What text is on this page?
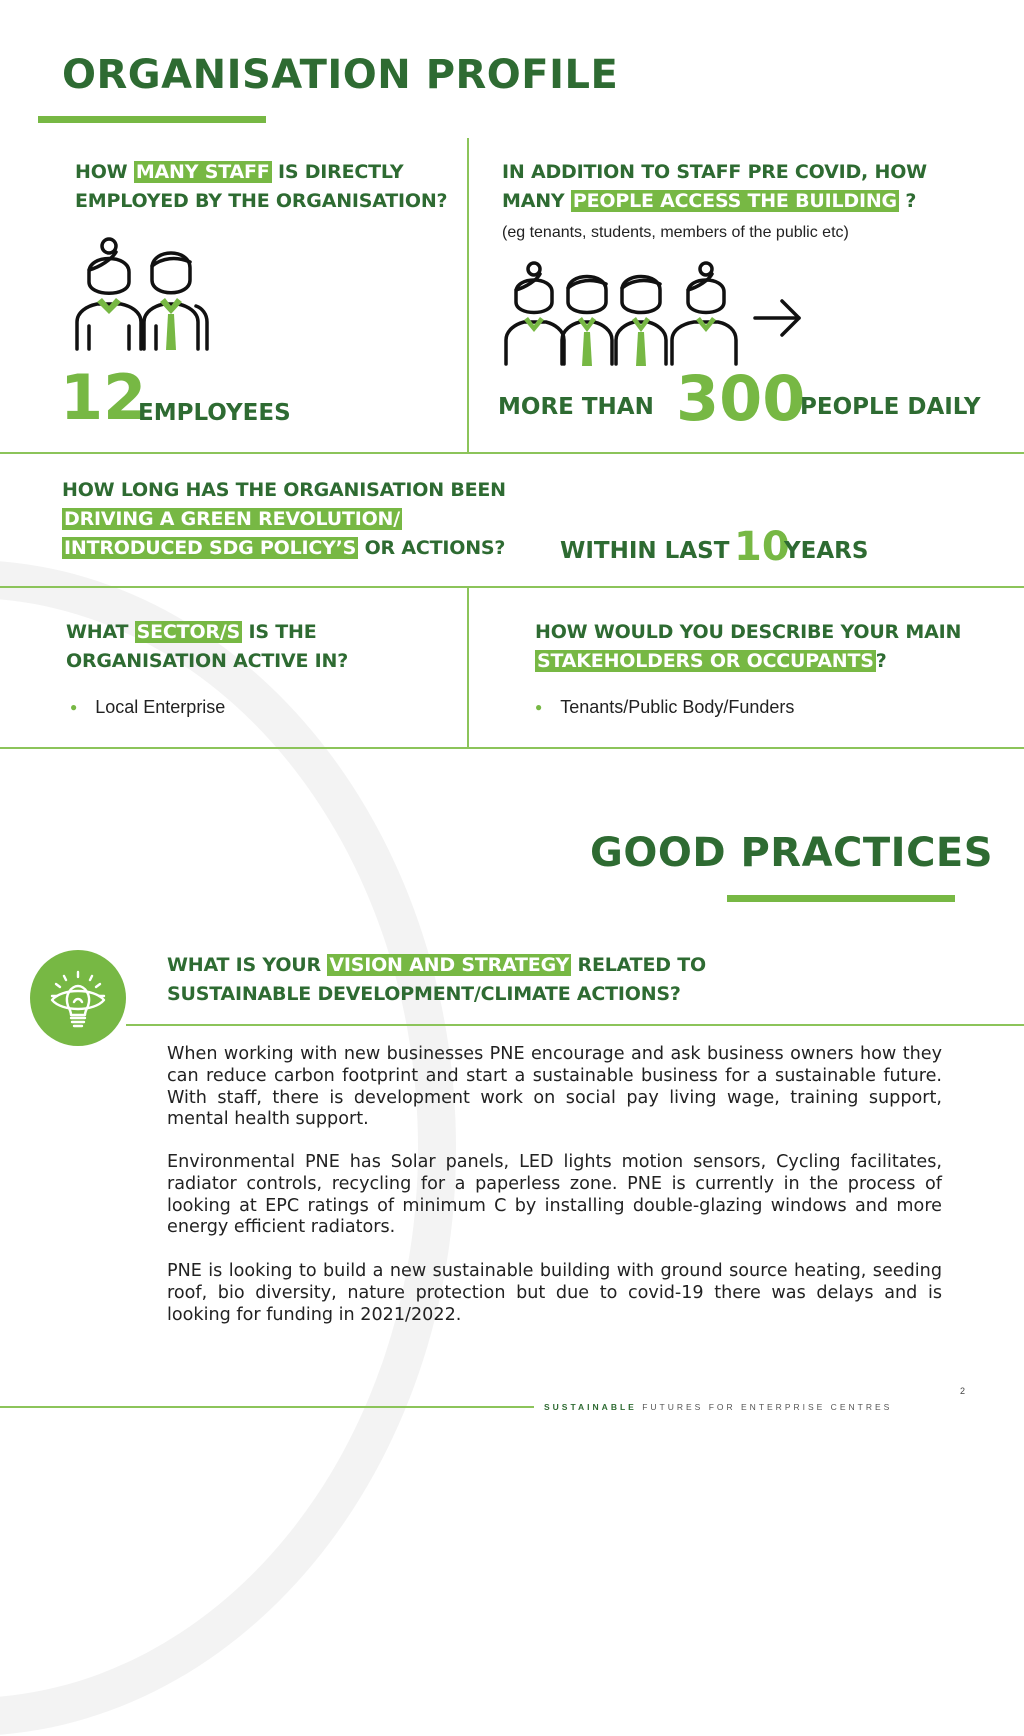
ORGANISATION PROFILE
HOW MANY STAFF IS DIRECTLY
EMPLOYED BY THE ORGANISATION?
12
EMPLOYEES
IN ADDITION TO STAFF PRE COVID, HOW
MANY PEOPLE ACCESS THE BUILDING ?
(eg tenants, students, members of the public etc)
MORE THAN 300
PEOPLE DAILY
HOW LONG HAS THE ORGANISATION BEEN
DRIVING A GREEN REVOLUTION/
INTRODUCED SDG POLICY’S OR ACTIONS? WITHIN LAST 10
YEARS
WHAT SECTOR/S IS THE
ORGANISATION ACTIVE IN?
● Local Enterprise
HOW WOULD YOU DESCRIBE YOUR MAIN
STAKEHOLDERS OR OCCUPANTS ?
● Tenants/Public Body/Funders
GOOD PRACTICES
WHAT IS YOUR VISION AND STRATEGY RELATED TO
SUSTAINABLE DEVELOPMENT/CLIMATE ACTIONS?
When working with new businesses PNE encourage and ask business owners how they can reduce carbon footprint and start a sustainable business for a sustainable future. With staff, there is development work on social pay living wage, training support, mental health support.
Environmental PNE has Solar panels, LED lights motion sensors, Cycling facilitates, radiator controls, recycling for a paperless zone. PNE is currently in the process of looking at EPC ratings of minimum C by installing double-glazing windows and more energy efficient radiators.
PNE is looking to build a new sustainable building with ground source heating, seeding roof, bio diversity, nature protection but due to covid-19 there was delays and is looking for funding in 2021/2022.
2
SUSTAINABLE FUTURES FOR ENTERPRISE CENTRES
